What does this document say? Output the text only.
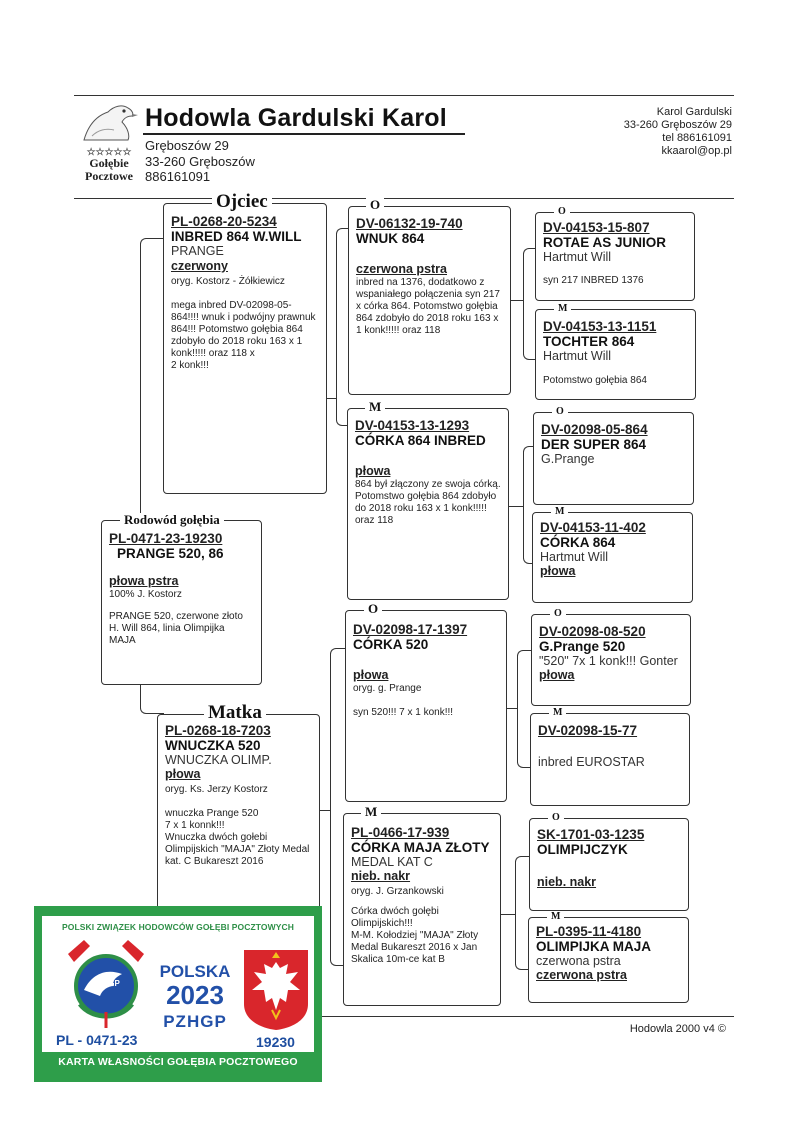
☆☆☆☆☆
Gołębie
Pocztowe
Hodowla Gardulski Karol
Gręboszów 29
33-260 Gręboszów
886161091
Karol Gardulski
33-260 Gręboszów 29
tel 886161091
kkaarol@op.pl
PL-0268-20-5234
INBRED 864 W.WILL
PRANGE
czerwony
oryg. Kostorz - Żółkiewicz
mega inbred DV-02098-05-864!!!! wnuk i podwójny prawnuk 864!!! Potomstwo gołębia 864 zdobyło do 2018 roku 163 x 1 konk!!!!! oraz 118 x
2 konk!!!
Ojciec
PL-0471-23-19230
PRANGE 520, 86
płowa pstra
100% J. Kostorz
PRANGE 520, czerwone złoto H. Will 864, linia Olimpijka MAJA
Rodowód gołębia
PL-0268-18-7203
WNUCZKA 520
WNUCZKA OLIMP.
płowa
oryg. Ks. Jerzy Kostorz
wnuczka Prange 520
7 x 1 konnk!!!
Wnuczka dwóch gołebi Olimpijskich "MAJA" Złoty Medal kat. C Bukareszt 2016
Matka
DV-06132-19-740
WNUK 864
czerwona pstra
inbred na 1376, dodatkowo z wspaniałego połączenia syn 217 x córka 864. Potomstwo gołębia 864 zdobyło do 2018 roku 163 x 1 konk!!!!! oraz 118
O
DV-04153-13-1293
CÓRKA 864 INBRED
płowa
864 był złączony ze swoja córką. Potomstwo gołębia 864 zdobyło do 2018 roku 163 x 1 konk!!!!! oraz 118
M
DV-02098-17-1397
CÓRKA 520
płowa
oryg. g. Prange
syn 520!!! 7 x 1 konk!!!
O
PL-0466-17-939
CÓRKA MAJA ZŁOTY
MEDAL KAT C
nieb. nakr
oryg. J. Grzankowski
Córka dwóch gołębi Olimpijskich!!!
M-M. Kołodziej "MAJA" Złoty Medal Bukareszt 2016 x Jan Skalica 10m-ce kat B
M
DV-04153-15-807
ROTAE AS JUNIOR
Hartmut Will
syn 217 INBRED 1376
O
DV-04153-13-1151
TOCHTER 864
Hartmut Will
Potomstwo gołębia 864
M
DV-02098-05-864
DER SUPER 864
G.Prange
O
DV-04153-11-402
CÓRKA 864
Hartmut Will
płowa
M
DV-02098-08-520
G.Prange 520
"520" 7x 1 konk!!! Gonter
płowa
O
DV-02098-15-77
inbred EUROSTAR
M
SK-1701-03-1235
OLIMPIJCZYK
nieb. nakr
O
PL-0395-11-4180
OLIMPIJKA MAJA
czerwona pstra
czerwona pstra
M
Hodowla 2000 v4 ©
POLSKI ZWIĄZEK HODOWCÓW GOŁĘBI POCZTOWYCH
PZHGP
POLSKA
2023
PZHGP
PL - 0471-23	19230
KARTA WŁASNOŚCI GOŁĘBIA POCZTOWEGO
